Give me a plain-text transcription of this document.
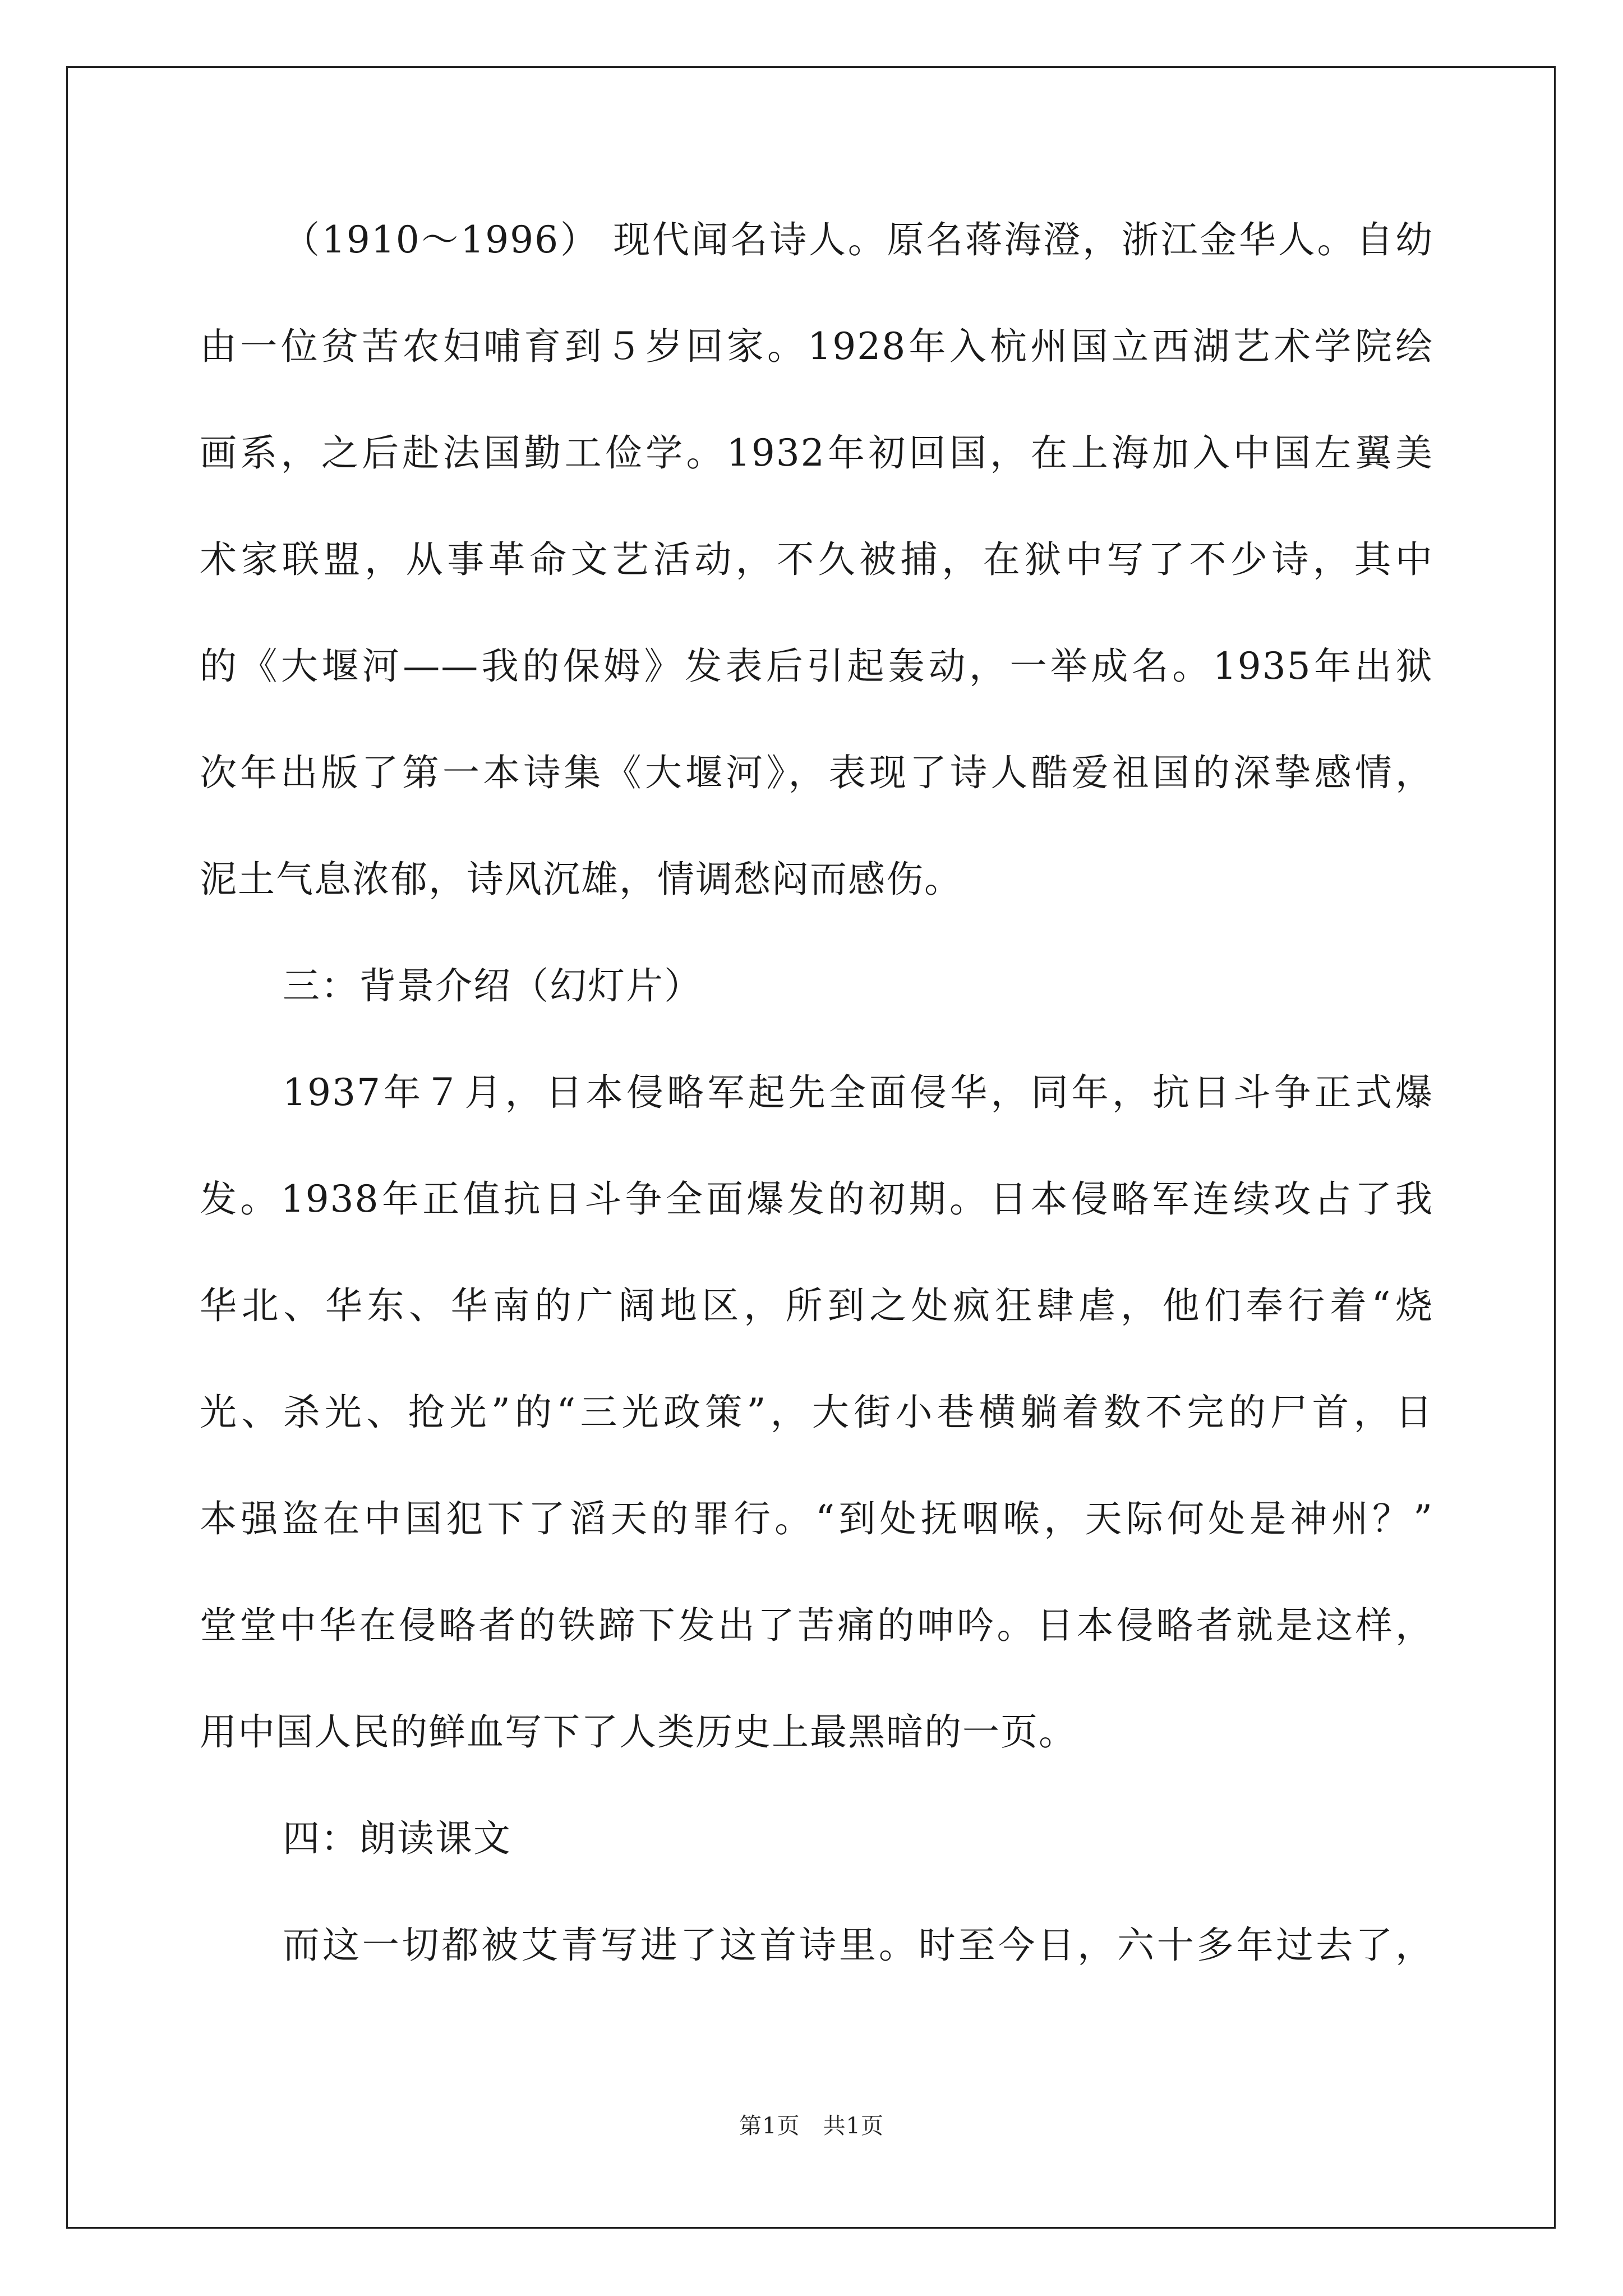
（1910～1996） 现代闻名诗人。原名蒋海澄，浙江金华人。自幼
由一位贫苦农妇哺育到５岁回家。1928年入杭州国立西湖艺术学院绘
画系，之后赴法国勤工俭学。1932年初回国，在上海加入中国左翼美
术家联盟，从事革命文艺活动，不久被捕，在狱中写了不少诗，其中
的《大堰河——我的保姆》发表后引起轰动，一举成名。1935年出狱
次年出版了第一本诗集《大堰河》，表现了诗人酷爱祖国的深挚感情，
泥土气息浓郁，诗风沉雄，情调愁闷而感伤。
三：背景介绍（幻灯片）
1937年７月，日本侵略军起先全面侵华，同年，抗日斗争正式爆
发。1938年正值抗日斗争全面爆发的初期。日本侵略军连续攻占了我
华北、华东、华南的广阔地区，所到之处疯狂肆虐，他们奉行着“烧
光、杀光、抢光”的“三光政策”，大街小巷横躺着数不完的尸首，日
本强盗在中国犯下了滔天的罪行。“到处抚咽喉，天际何处是神州？”
堂堂中华在侵略者的铁蹄下发出了苦痛的呻吟。日本侵略者就是这样，
用中国人民的鲜血写下了人类历史上最黑暗的一页。
四：朗读课文
而这一切都被艾青写进了这首诗里。时至今日，六十多年过去了，
第1页　共1页
